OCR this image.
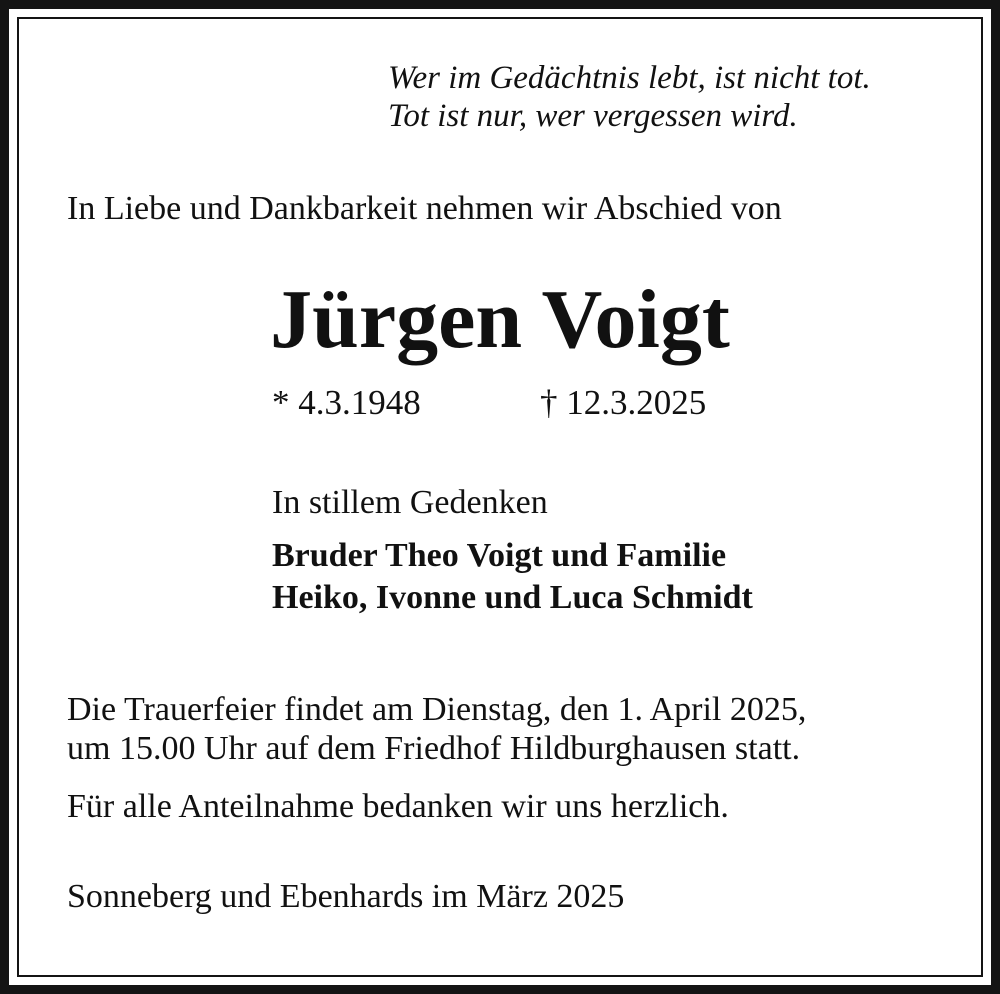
Wer im Gedächtnis lebt, ist nicht tot.

Tot ist nur, wer vergessen wird.

In Liebe und Dankbarkeit nehmen wir Abschied von

Jürgen Voigt

* 4.3.1948	† 12.3.2025

In stillem Gedenken

Bruder Theo Voigt und Familie

Heiko, Ivonne und Luca Schmidt

Die Trauerfeier findet am Dienstag, den 1. April 2025,

um 15.00 Uhr auf dem Friedhof Hildburghausen statt.

Für alle Anteilnahme bedanken wir uns herzlich.

Sonneberg und Ebenhards im März 2025
